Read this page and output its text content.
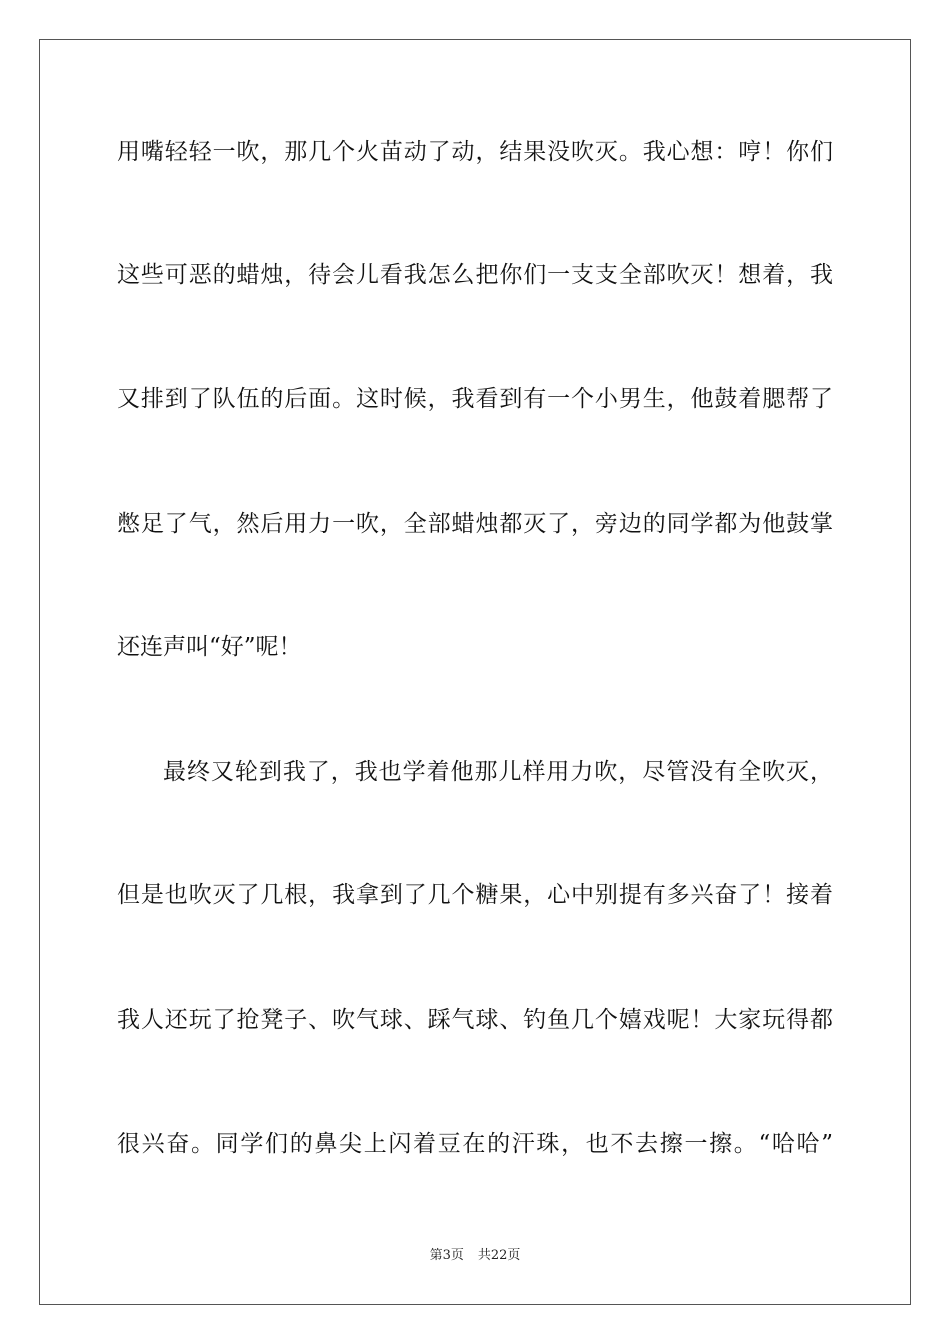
用嘴轻轻一吹，那几个火苗动了动，结果没吹灭。我心想：哼！你们
这些可恶的蜡烛，待会儿看我怎么把你们一支支全部吹灭！想着，我
又排到了队伍的后面。这时候，我看到有一个小男生，他鼓着腮帮了
憋足了气，然后用力一吹，全部蜡烛都灭了，旁边的同学都为他鼓掌
还连声叫“好”呢！
最终又轮到我了，我也学着他那儿样用力吹，尽管没有全吹灭，
但是也吹灭了几根，我拿到了几个糖果，心中别提有多兴奋了！接着
我人还玩了抢凳子、吹气球、踩气球、钓鱼几个嬉戏呢！大家玩得都
很兴奋。同学们的鼻尖上闪着豆在的汗珠，也不去擦一擦。“哈哈”
第3页 共22页
